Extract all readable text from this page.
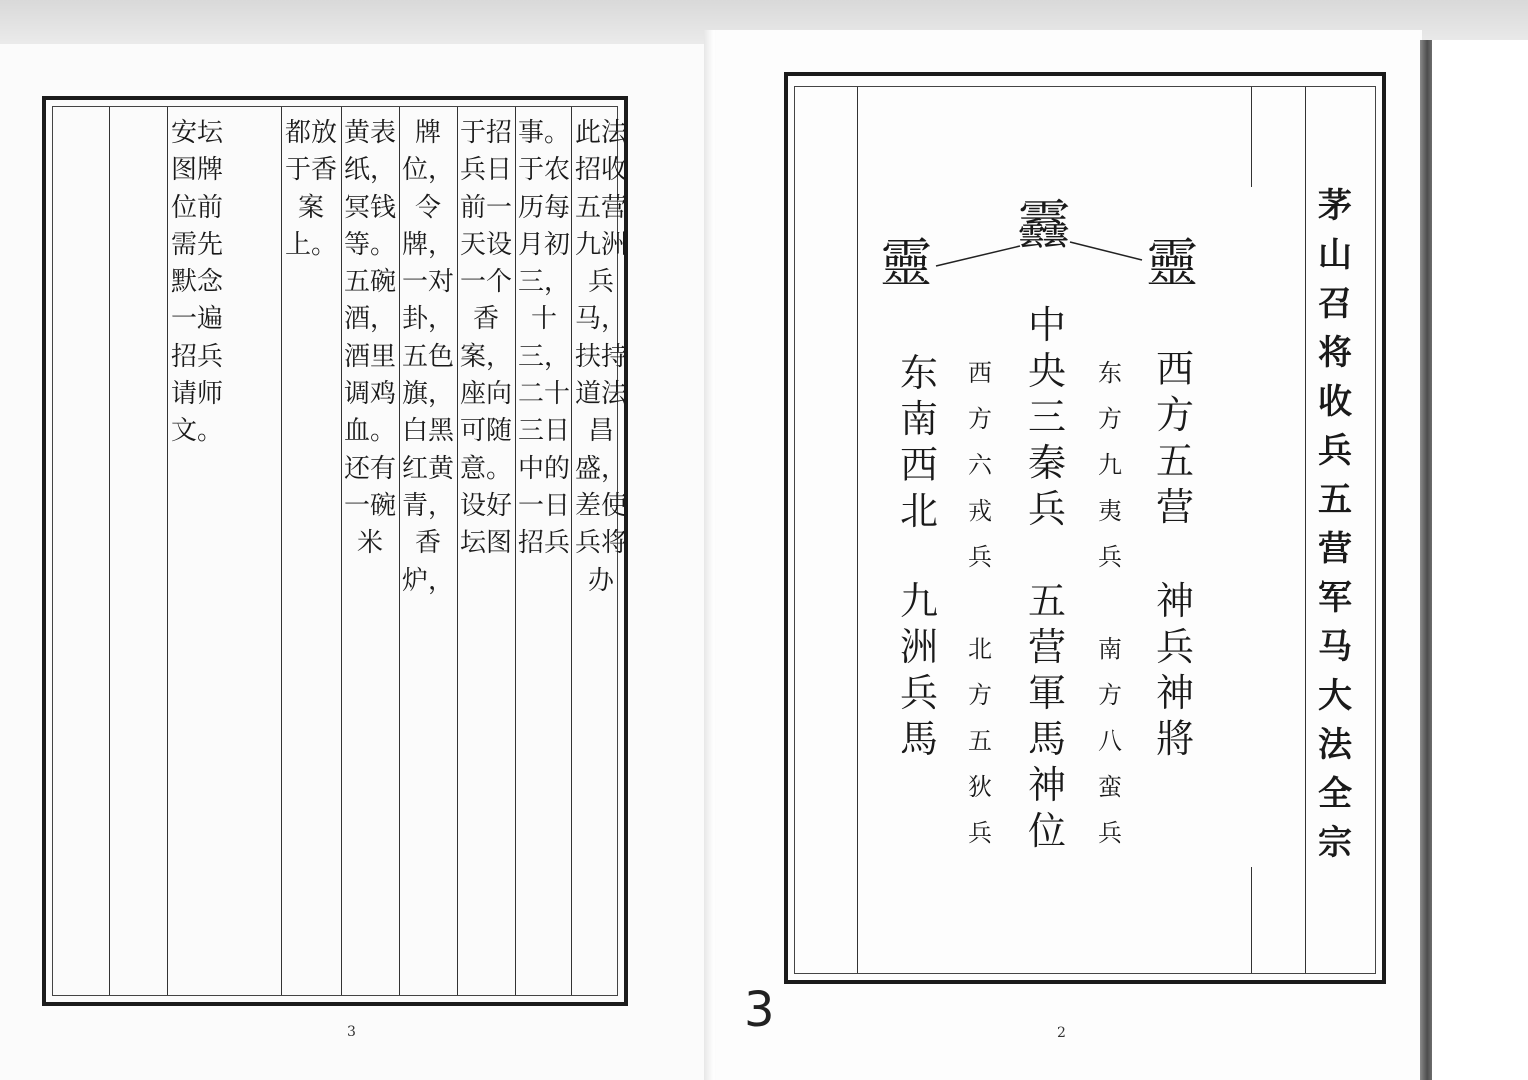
此法招收五营九洲兵马，扶持道法昌盛，差使兵将办
事。于农历每月初三，十三，二十三日中的一日招兵
于招兵日前一天设一个香案，座向可随意。设好坛图
牌位，令牌，一对卦，五色旗，白黑红黄青，香炉，
黄表纸，冥钱等。五碗酒，酒里调鸡血。还有一碗米
都放于香案上。
安坛图牌位前需先默念一遍招兵请师文。
3
茅山召将收兵五营军马大法全宗
䨺
靈	靈
西方五营
神兵神將
东方九夷兵
南方八蛮兵
中央三秦兵
五营軍馬神位
西方六戎兵
北方五狄兵
东南西北
九洲兵馬
2
3
